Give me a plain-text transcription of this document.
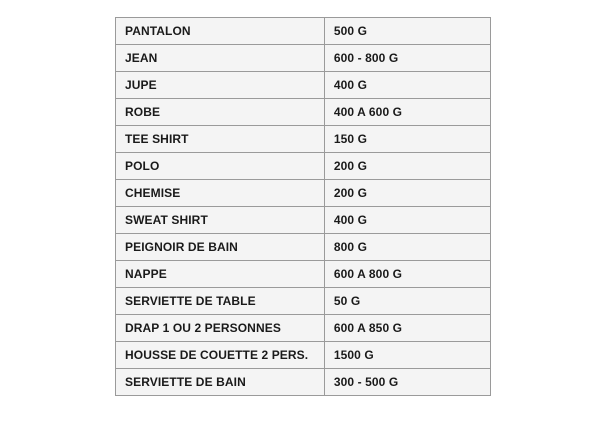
PANTALON	500 G
JEAN	600 - 800 G
JUPE	400 G
ROBE	400 A 600 G
TEE SHIRT	150 G
POLO	200 G
CHEMISE	200 G
SWEAT SHIRT	400 G
PEIGNOIR DE BAIN	800 G
NAPPE	600 A 800 G
SERVIETTE DE TABLE	50 G
DRAP 1 OU 2 PERSONNES	600 A 850 G
HOUSSE DE COUETTE 2 PERS.	1500 G
SERVIETTE DE BAIN	300 - 500 G
